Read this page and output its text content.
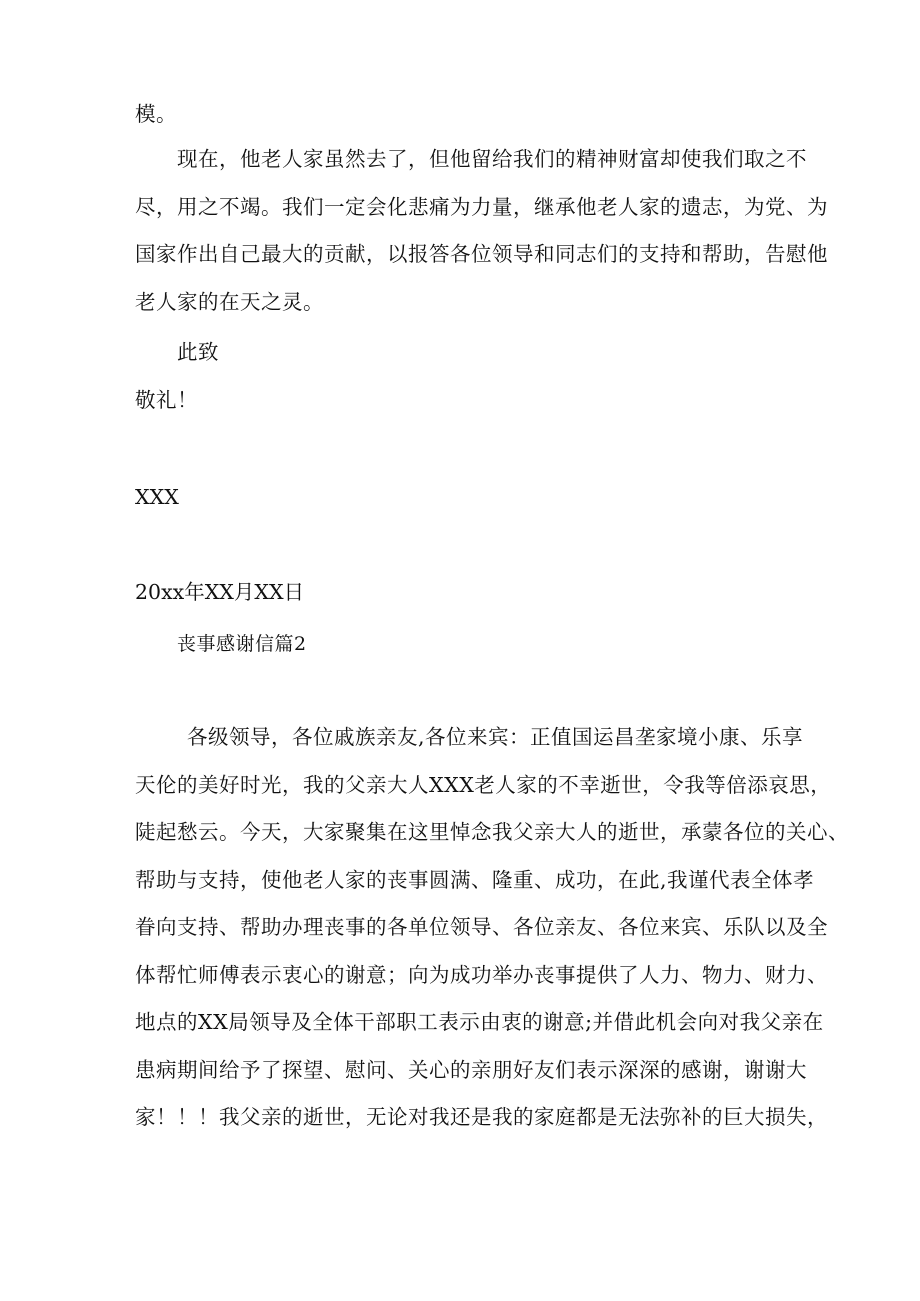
模。
现在，他老人家虽然去了，但他留给我们的精神财富却使我们取之不
尽，用之不竭。我们一定会化悲痛为力量，继承他老人家的遗志，为党、为
国家作出自己最大的贡献，以报答各位领导和同志们的支持和帮助，告慰他
老人家的在天之灵。
此致
敬礼！
XXX
20xx年XX月XX日
丧事感谢信篇2
各级领导，各位戚族亲友,各位来宾：正值国运昌垄家境小康、乐享
天伦的美好时光，我的父亲大人XXX老人家的不幸逝世，令我等倍添哀思，
陡起愁云。今天，大家聚集在这里悼念我父亲大人的逝世，承蒙各位的关心、
帮助与支持，使他老人家的丧事圆满、隆重、成功，在此,我谨代表全体孝
眷向支持、帮助办理丧事的各单位领导、各位亲友、各位来宾、乐队以及全
体帮忙师傅表示衷心的谢意；向为成功举办丧事提供了人力、物力、财力、
地点的XX局领导及全体干部职工表示由衷的谢意;并借此机会向对我父亲在
患病期间给予了探望、慰问、关心的亲朋好友们表示深深的感谢，谢谢大
家！！！我父亲的逝世，无论对我还是我的家庭都是无法弥补的巨大损失，
